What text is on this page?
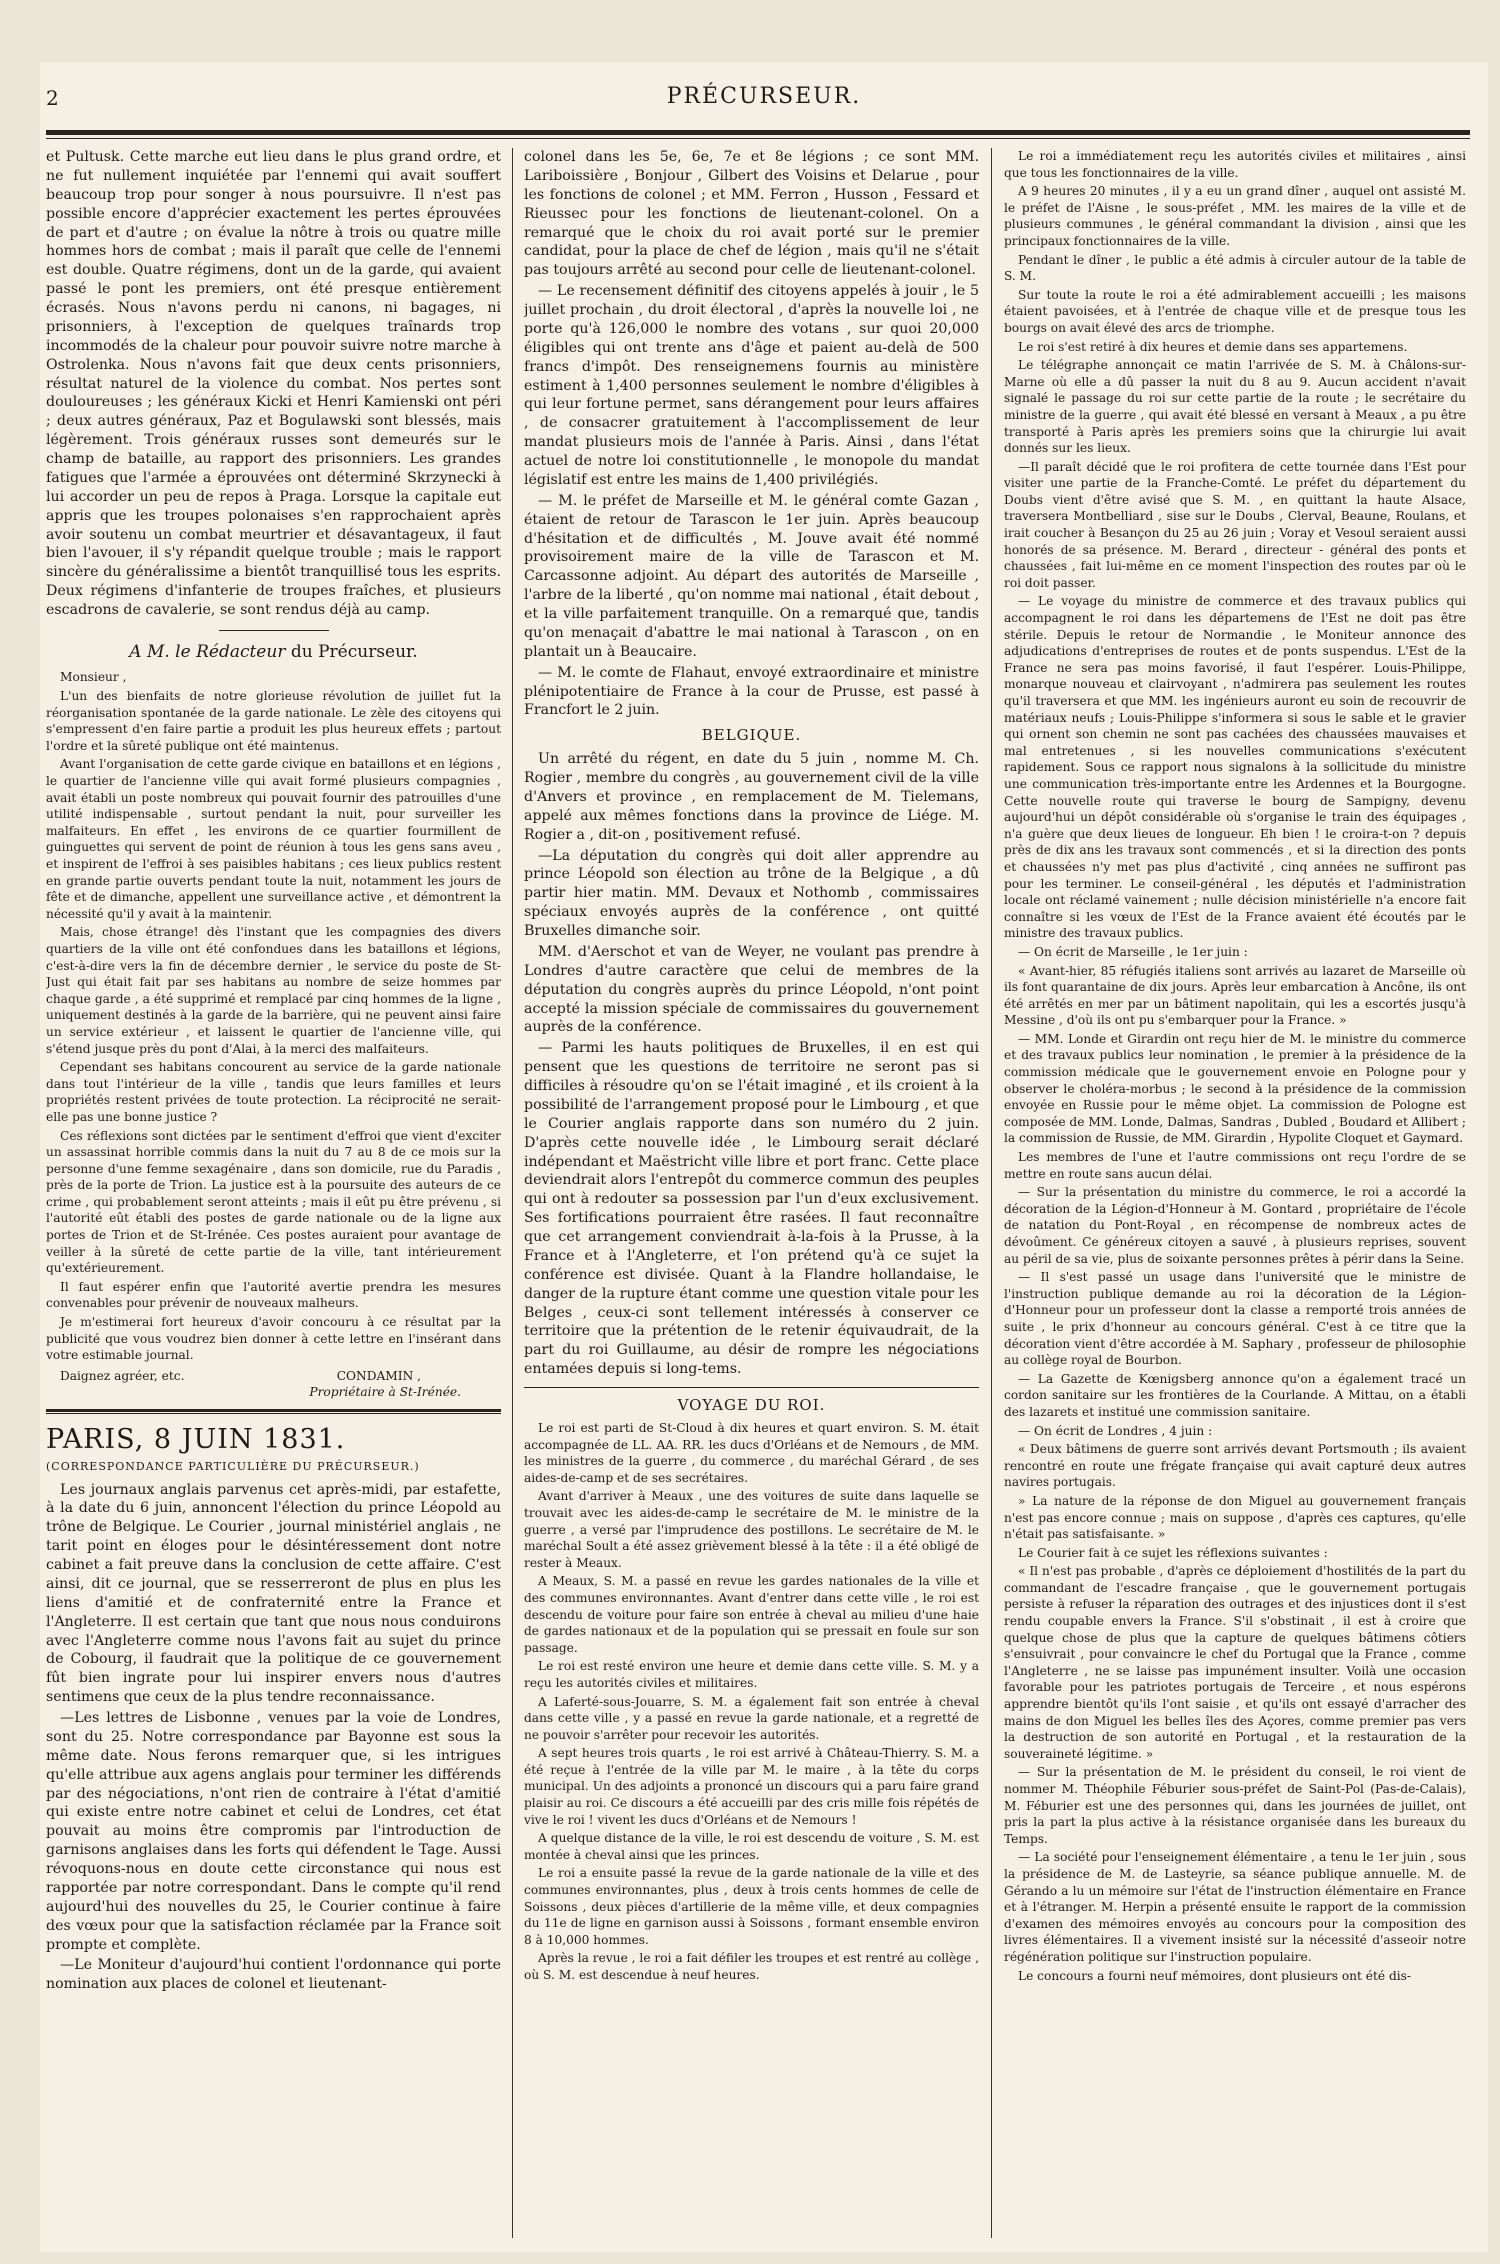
2	PRÉCURSEUR.

et Pultusk. Cette marche eut lieu dans le plus grand ordre, et ne fut nullement inquiétée par l'ennemi qui avait souffert beaucoup trop pour songer à nous poursuivre. Il n'est pas possible encore d'apprécier exactement les pertes éprouvées de part et d'autre ; on évalue la nôtre à trois ou quatre mille hommes hors de combat ; mais il paraît que celle de l'ennemi est double. Quatre régimens, dont un de la garde, qui avaient passé le pont les premiers, ont été presque entièrement écrasés. Nous n'avons perdu ni canons, ni bagages, ni prisonniers, à l'exception de quelques traînards trop incommodés de la chaleur pour pouvoir suivre notre marche à Ostrolenka. Nous n'avons fait que deux cents prisonniers, résultat naturel de la violence du combat. Nos pertes sont douloureuses ; les généraux Kicki et Henri Kamienski ont péri ; deux autres généraux, Paz et Bogulawski sont blessés, mais légèrement. Trois généraux russes sont demeurés sur le champ de bataille, au rapport des prisonniers. Les grandes fatigues que l'armée a éprouvées ont déterminé Skrzynecki à lui accorder un peu de repos à Praga. Lorsque la capitale eut appris que les troupes polonaises s'en rapprochaient après avoir soutenu un combat meurtrier et désavantageux, il faut bien l'avouer, il s'y répandit quelque trouble ; mais le rapport sincère du généralissime a bientôt tranquillisé tous les esprits. Deux régimens d'infanterie de troupes fraîches, et plusieurs escadrons de cavalerie, se sont rendus déjà au camp.

A M. le Rédacteur du Précurseur.

Monsieur ,

L'un des bienfaits de notre glorieuse révolution de juillet fut la réorganisation spontanée de la garde nationale. Le zèle des citoyens qui s'empressent d'en faire partie a produit les plus heureux effets ; partout l'ordre et la sûreté publique ont été maintenus.

Avant l'organisation de cette garde civique en bataillons et en légions , le quartier de l'ancienne ville qui avait formé plusieurs compagnies , avait établi un poste nombreux qui pouvait fournir des patrouilles d'une utilité indispensable , surtout pendant la nuit, pour surveiller les malfaiteurs. En effet , les environs de ce quartier fourmillent de guinguettes qui servent de point de réunion à tous les gens sans aveu , et inspirent de l'effroi à ses paisibles habitans ; ces lieux publics restent en grande partie ouverts pendant toute la nuit, notamment les jours de fête et de dimanche, appellent une surveillance active , et démontrent la nécessité qu'il y avait à la maintenir.

Mais, chose étrange! dès l'instant que les compagnies des divers quartiers de la ville ont été confondues dans les bataillons et légions, c'est-à-dire vers la fin de décembre dernier , le service du poste de St-Just qui était fait par ses habitans au nombre de seize hommes par chaque garde , a été supprimé et remplacé par cinq hommes de la ligne , uniquement destinés à la garde de la barrière, qui ne peuvent ainsi faire un service extérieur , et laissent le quartier de l'ancienne ville, qui s'étend jusque près du pont d'Alai, à la merci des malfaiteurs.

Cependant ses habitans concourent au service de la garde nationale dans tout l'intérieur de la ville , tandis que leurs familles et leurs propriétés restent privées de toute protection. La réciprocité ne serait-elle pas une bonne justice ?

Ces réflexions sont dictées par le sentiment d'effroi que vient d'exciter un assassinat horrible commis dans la nuit du 7 au 8 de ce mois sur la personne d'une femme sexagénaire , dans son domicile, rue du Paradis , près de la porte de Trion. La justice est à la poursuite des auteurs de ce crime , qui probablement seront atteints ; mais il eût pu être prévenu , si l'autorité eût établi des postes de garde nationale ou de la ligne aux portes de Trion et de St-Irénée. Ces postes auraient pour avantage de veiller à la sûreté de cette partie de la ville, tant intérieurement qu'extérieurement.

Il faut espérer enfin que l'autorité avertie prendra les mesures convenables pour prévenir de nouveaux malheurs.

Je m'estimerai fort heureux d'avoir concouru à ce résultat par la publicité que vous voudrez bien donner à cette lettre en l'insérant dans votre estimable journal.

Daignez agréer, etc.	CONDAMIN ,

Propriétaire à St-Irénée.

PARIS, 8 JUIN 1831.
(CORRESPONDANCE PARTICULIÈRE DU PRÉCURSEUR.)

Les journaux anglais parvenus cet après-midi, par estafette, à la date du 6 juin, annoncent l'élection du prince Léopold au trône de Belgique. Le Courier , journal ministériel anglais , ne tarit point en éloges pour le désintéressement dont notre cabinet a fait preuve dans la conclusion de cette affaire. C'est ainsi, dit ce journal, que se resserreront de plus en plus les liens d'amitié et de confraternité entre la France et l'Angleterre. Il est certain que tant que nous nous conduirons avec l'Angleterre comme nous l'avons fait au sujet du prince de Cobourg, il faudrait que la politique de ce gouvernement fût bien ingrate pour lui inspirer envers nous d'autres sentimens que ceux de la plus tendre reconnaissance.

—Les lettres de Lisbonne , venues par la voie de Londres, sont du 25. Notre correspondance par Bayonne est sous la même date. Nous ferons remarquer que, si les intrigues qu'elle attribue aux agens anglais pour terminer les différends par des négociations, n'ont rien de contraire à l'état d'amitié qui existe entre notre cabinet et celui de Londres, cet état pouvait au moins être compromis par l'introduction de garnisons anglaises dans les forts qui défendent le Tage. Aussi révoquons-nous en doute cette circonstance qui nous est rapportée par notre correspondant. Dans le compte qu'il rend aujourd'hui des nouvelles du 25, le Courier continue à faire des vœux pour que la satisfaction réclamée par la France soit prompte et complète.

—Le Moniteur d'aujourd'hui contient l'ordonnance qui porte nomination aux places de colonel et lieutenant-

colonel dans les 5e, 6e, 7e et 8e légions ; ce sont MM. Lariboissière , Bonjour , Gilbert des Voisins et Delarue , pour les fonctions de colonel ; et MM. Ferron , Husson , Fessard et Rieussec pour les fonctions de lieutenant-colonel. On a remarqué que le choix du roi avait porté sur le premier candidat, pour la place de chef de légion , mais qu'il ne s'était pas toujours arrêté au second pour celle de lieutenant-colonel.

— Le recensement définitif des citoyens appelés à jouir , le 5 juillet prochain , du droit électoral , d'après la nouvelle loi , ne porte qu'à 126,000 le nombre des votans , sur quoi 20,000 éligibles qui ont trente ans d'âge et paient au-delà de 500 francs d'impôt. Des renseignemens fournis au ministère estiment à 1,400 personnes seulement le nombre d'éligibles à qui leur fortune permet, sans dérangement pour leurs affaires , de consacrer gratuitement à l'accomplissement de leur mandat plusieurs mois de l'année à Paris. Ainsi , dans l'état actuel de notre loi constitutionnelle , le monopole du mandat législatif est entre les mains de 1,400 privilégiés.

— M. le préfet de Marseille et M. le général comte Gazan , étaient de retour de Tarascon le 1er juin. Après beaucoup d'hésitation et de difficultés , M. Jouve avait été nommé provisoirement maire de la ville de Tarascon et M. Carcassonne adjoint. Au départ des autorités de Marseille , l'arbre de la liberté , qu'on nomme mai national , était debout , et la ville parfaitement tranquille. On a remarqué que, tandis qu'on menaçait d'abattre le mai national à Tarascon , on en plantait un à Beaucaire.

— M. le comte de Flahaut, envoyé extraordinaire et ministre plénipotentiaire de France à la cour de Prusse, est passé à Francfort le 2 juin.

BELGIQUE.

Un arrêté du régent, en date du 5 juin , nomme M. Ch. Rogier , membre du congrès , au gouvernement civil de la ville d'Anvers et province , en remplacement de M. Tielemans, appelé aux mêmes fonctions dans la province de Liége. M. Rogier a , dit-on , positivement refusé.

—La députation du congrès qui doit aller apprendre au prince Léopold son élection au trône de la Belgique , a dû partir hier matin. MM. Devaux et Nothomb , commissaires spéciaux envoyés auprès de la conférence , ont quitté Bruxelles dimanche soir.

MM. d'Aerschot et van de Weyer, ne voulant pas prendre à Londres d'autre caractère que celui de membres de la députation du congrès auprès du prince Léopold, n'ont point accepté la mission spéciale de commissaires du gouvernement auprès de la conférence.

— Parmi les hauts politiques de Bruxelles, il en est qui pensent que les questions de territoire ne seront pas si difficiles à résoudre qu'on se l'était imaginé , et ils croient à la possibilité de l'arrangement proposé pour le Limbourg , et que le Courier anglais rapporte dans son numéro du 2 juin. D'après cette nouvelle idée , le Limbourg serait déclaré indépendant et Maëstricht ville libre et port franc. Cette place deviendrait alors l'entrepôt du commerce commun des peuples qui ont à redouter sa possession par l'un d'eux exclusivement. Ses fortifications pourraient être rasées. Il faut reconnaître que cet arrangement conviendrait à-la-fois à la Prusse, à la France et à l'Angleterre, et l'on prétend qu'à ce sujet la conférence est divisée. Quant à la Flandre hollandaise, le danger de la rupture étant comme une question vitale pour les Belges , ceux-ci sont tellement intéressés à conserver ce territoire que la prétention de le retenir équivaudrait, de la part du roi Guillaume, au désir de rompre les négociations entamées depuis si long-tems.

VOYAGE DU ROI.

Le roi est parti de St-Cloud à dix heures et quart environ. S. M. était accompagnée de LL. AA. RR. les ducs d'Orléans et de Nemours , de MM. les ministres de la guerre , du commerce , du maréchal Gérard , de ses aides-de-camp et de ses secrétaires.

Avant d'arriver à Meaux , une des voitures de suite dans laquelle se trouvait avec les aides-de-camp le secrétaire de M. le ministre de la guerre , a versé par l'imprudence des postillons. Le secrétaire de M. le maréchal Soult a été assez grièvement blessé à la tête : il a été obligé de rester à Meaux.

A Meaux, S. M. a passé en revue les gardes nationales de la ville et des communes environnantes. Avant d'entrer dans cette ville , le roi est descendu de voiture pour faire son entrée à cheval au milieu d'une haie de gardes nationaux et de la population qui se pressait en foule sur son passage.

Le roi est resté environ une heure et demie dans cette ville. S. M. y a reçu les autorités civiles et militaires.

A Laferté-sous-Jouarre, S. M. a également fait son entrée à cheval dans cette ville , y a passé en revue la garde nationale, et a regretté de ne pouvoir s'arrêter pour recevoir les autorités.

A sept heures trois quarts , le roi est arrivé à Château-Thierry. S. M. a été reçue à l'entrée de la ville par M. le maire , à la tête du corps municipal. Un des adjoints a prononcé un discours qui a paru faire grand plaisir au roi. Ce discours a été accueilli par des cris mille fois répétés de vive le roi ! vivent les ducs d'Orléans et de Nemours !

A quelque distance de la ville, le roi est descendu de voiture , S. M. est montée à cheval ainsi que les princes.

Le roi a ensuite passé la revue de la garde nationale de la ville et des communes environnantes, plus , deux à trois cents hommes de celle de Soissons , deux pièces d'artillerie de la même ville, et deux compagnies du 11e de ligne en garnison aussi à Soissons , formant ensemble environ 8 à 10,000 hommes.

Après la revue , le roi a fait défiler les troupes et est rentré au collège , où S. M. est descendue à neuf heures.

Le roi a immédiatement reçu les autorités civiles et militaires , ainsi que tous les fonctionnaires de la ville.

A 9 heures 20 minutes , il y a eu un grand dîner , auquel ont assisté M. le préfet de l'Aisne , le sous-préfet , MM. les maires de la ville et de plusieurs communes , le général commandant la division , ainsi que les principaux fonctionnaires de la ville.

Pendant le dîner , le public a été admis à circuler autour de la table de S. M.

Sur toute la route le roi a été admirablement accueilli ; les maisons étaient pavoisées, et à l'entrée de chaque ville et de presque tous les bourgs on avait élevé des arcs de triomphe.

Le roi s'est retiré à dix heures et demie dans ses appartemens.

Le télégraphe annonçait ce matin l'arrivée de S. M. à Châlons-sur-Marne où elle a dû passer la nuit du 8 au 9. Aucun accident n'avait signalé le passage du roi sur cette partie de la route ; le secrétaire du ministre de la guerre , qui avait été blessé en versant à Meaux , a pu être transporté à Paris après les premiers soins que la chirurgie lui avait donnés sur les lieux.

—Il paraît décidé que le roi profitera de cette tournée dans l'Est pour visiter une partie de la Franche-Comté. Le préfet du département du Doubs vient d'être avisé que S. M. , en quittant la haute Alsace, traversera Montbelliard , sise sur le Doubs , Clerval, Beaune, Roulans, et irait coucher à Besançon du 25 au 26 juin ; Voray et Vesoul seraient aussi honorés de sa présence. M. Berard , directeur - général des ponts et chaussées , fait lui-même en ce moment l'inspection des routes par où le roi doit passer.

— Le voyage du ministre de commerce et des travaux publics qui accompagnent le roi dans les départemens de l'Est ne doit pas être stérile. Depuis le retour de Normandie , le Moniteur annonce des adjudications d'entreprises de routes et de ponts suspendus. L'Est de la France ne sera pas moins favorisé, il faut l'espérer. Louis-Philippe, monarque nouveau et clairvoyant , n'admirera pas seulement les routes qu'il traversera et que MM. les ingénieurs auront eu soin de recouvrir de matériaux neufs ; Louis-Philippe s'informera si sous le sable et le gravier qui ornent son chemin ne sont pas cachées des chaussées mauvaises et mal entretenues , si les nouvelles communications s'exécutent rapidement. Sous ce rapport nous signalons à la sollicitude du ministre une communication très-importante entre les Ardennes et la Bourgogne. Cette nouvelle route qui traverse le bourg de Sampigny, devenu aujourd'hui un dépôt considérable où s'organise le train des équipages , n'a guère que deux lieues de longueur. Eh bien ! le croira-t-on ? depuis près de dix ans les travaux sont commencés , et si la direction des ponts et chaussées n'y met pas plus d'activité , cinq années ne suffiront pas pour les terminer. Le conseil-général , les députés et l'administration locale ont réclamé vainement ; nulle décision ministérielle n'a encore fait connaître si les vœux de l'Est de la France avaient été écoutés par le ministre des travaux publics.

— On écrit de Marseille , le 1er juin :

« Avant-hier, 85 réfugiés italiens sont arrivés au lazaret de Marseille où ils font quarantaine de dix jours. Après leur embarcation à Ancône, ils ont été arrêtés en mer par un bâtiment napolitain, qui les a escortés jusqu'à Messine , d'où ils ont pu s'embarquer pour la France. »

— MM. Londe et Girardin ont reçu hier de M. le ministre du commerce et des travaux publics leur nomination , le premier à la présidence de la commission médicale que le gouvernement envoie en Pologne pour y observer le choléra-morbus ; le second à la présidence de la commission envoyée en Russie pour le même objet. La commission de Pologne est composée de MM. Londe, Dalmas, Sandras , Dubled , Boudard et Allibert ; la commission de Russie, de MM. Girardin , Hypolite Cloquet et Gaymard.

Les membres de l'une et l'autre commissions ont reçu l'ordre de se mettre en route sans aucun délai.

— Sur la présentation du ministre du commerce, le roi a accordé la décoration de la Légion-d'Honneur à M. Gontard , propriétaire de l'école de natation du Pont-Royal , en récompense de nombreux actes de dévoûment. Ce généreux citoyen a sauvé , à plusieurs reprises, souvent au péril de sa vie, plus de soixante personnes prêtes à périr dans la Seine.

— Il s'est passé un usage dans l'université que le ministre de l'instruction publique demande au roi la décoration de la Légion-d'Honneur pour un professeur dont la classe a remporté trois années de suite , le prix d'honneur au concours général. C'est à ce titre que la décoration vient d'être accordée à M. Saphary , professeur de philosophie au collège royal de Bourbon.

— La Gazette de Kœnigsberg annonce qu'on a également tracé un cordon sanitaire sur les frontières de la Courlande. A Mittau, on a établi des lazarets et institué une commission sanitaire.

— On écrit de Londres , 4 juin :

« Deux bâtimens de guerre sont arrivés devant Portsmouth ; ils avaient rencontré en route une frégate française qui avait capturé deux autres navires portugais.

» La nature de la réponse de don Miguel au gouvernement français n'est pas encore connue ; mais on suppose , d'après ces captures, qu'elle n'était pas satisfaisante. »

Le Courier fait à ce sujet les réflexions suivantes :

« Il n'est pas probable , d'après ce déploiement d'hostilités de la part du commandant de l'escadre française , que le gouvernement portugais persiste à refuser la réparation des outrages et des injustices dont il s'est rendu coupable envers la France. S'il s'obstinait , il est à croire que quelque chose de plus que la capture de quelques bâtimens côtiers s'ensuivrait , pour convaincre le chef du Portugal que la France , comme l'Angleterre , ne se laisse pas impunément insulter. Voilà une occasion favorable pour les patriotes portugais de Terceire , et nous espérons apprendre bientôt qu'ils l'ont saisie , et qu'ils ont essayé d'arracher des mains de don Miguel les belles îles des Açores, comme premier pas vers la destruction de son autorité en Portugal , et la restauration de la souveraineté légitime. »

— Sur la présentation de M. le président du conseil, le roi vient de nommer M. Théophile Féburier sous-préfet de Saint-Pol (Pas-de-Calais), M. Féburier est une des personnes qui, dans les journées de juillet, ont pris la part la plus active à la résistance organisée dans les bureaux du Temps.

— La société pour l'enseignement élémentaire , a tenu le 1er juin , sous la présidence de M. de Lasteyrie, sa séance publique annuelle. M. de Gérando a lu un mémoire sur l'état de l'instruction élémentaire en France et à l'étranger. M. Herpin a présenté ensuite le rapport de la commission d'examen des mémoires envoyés au concours pour la composition des livres élémentaires. Il a vivement insisté sur la nécessité d'asseoir notre régénération politique sur l'instruction populaire.

Le concours a fourni neuf mémoires, dont plusieurs ont été dis-
